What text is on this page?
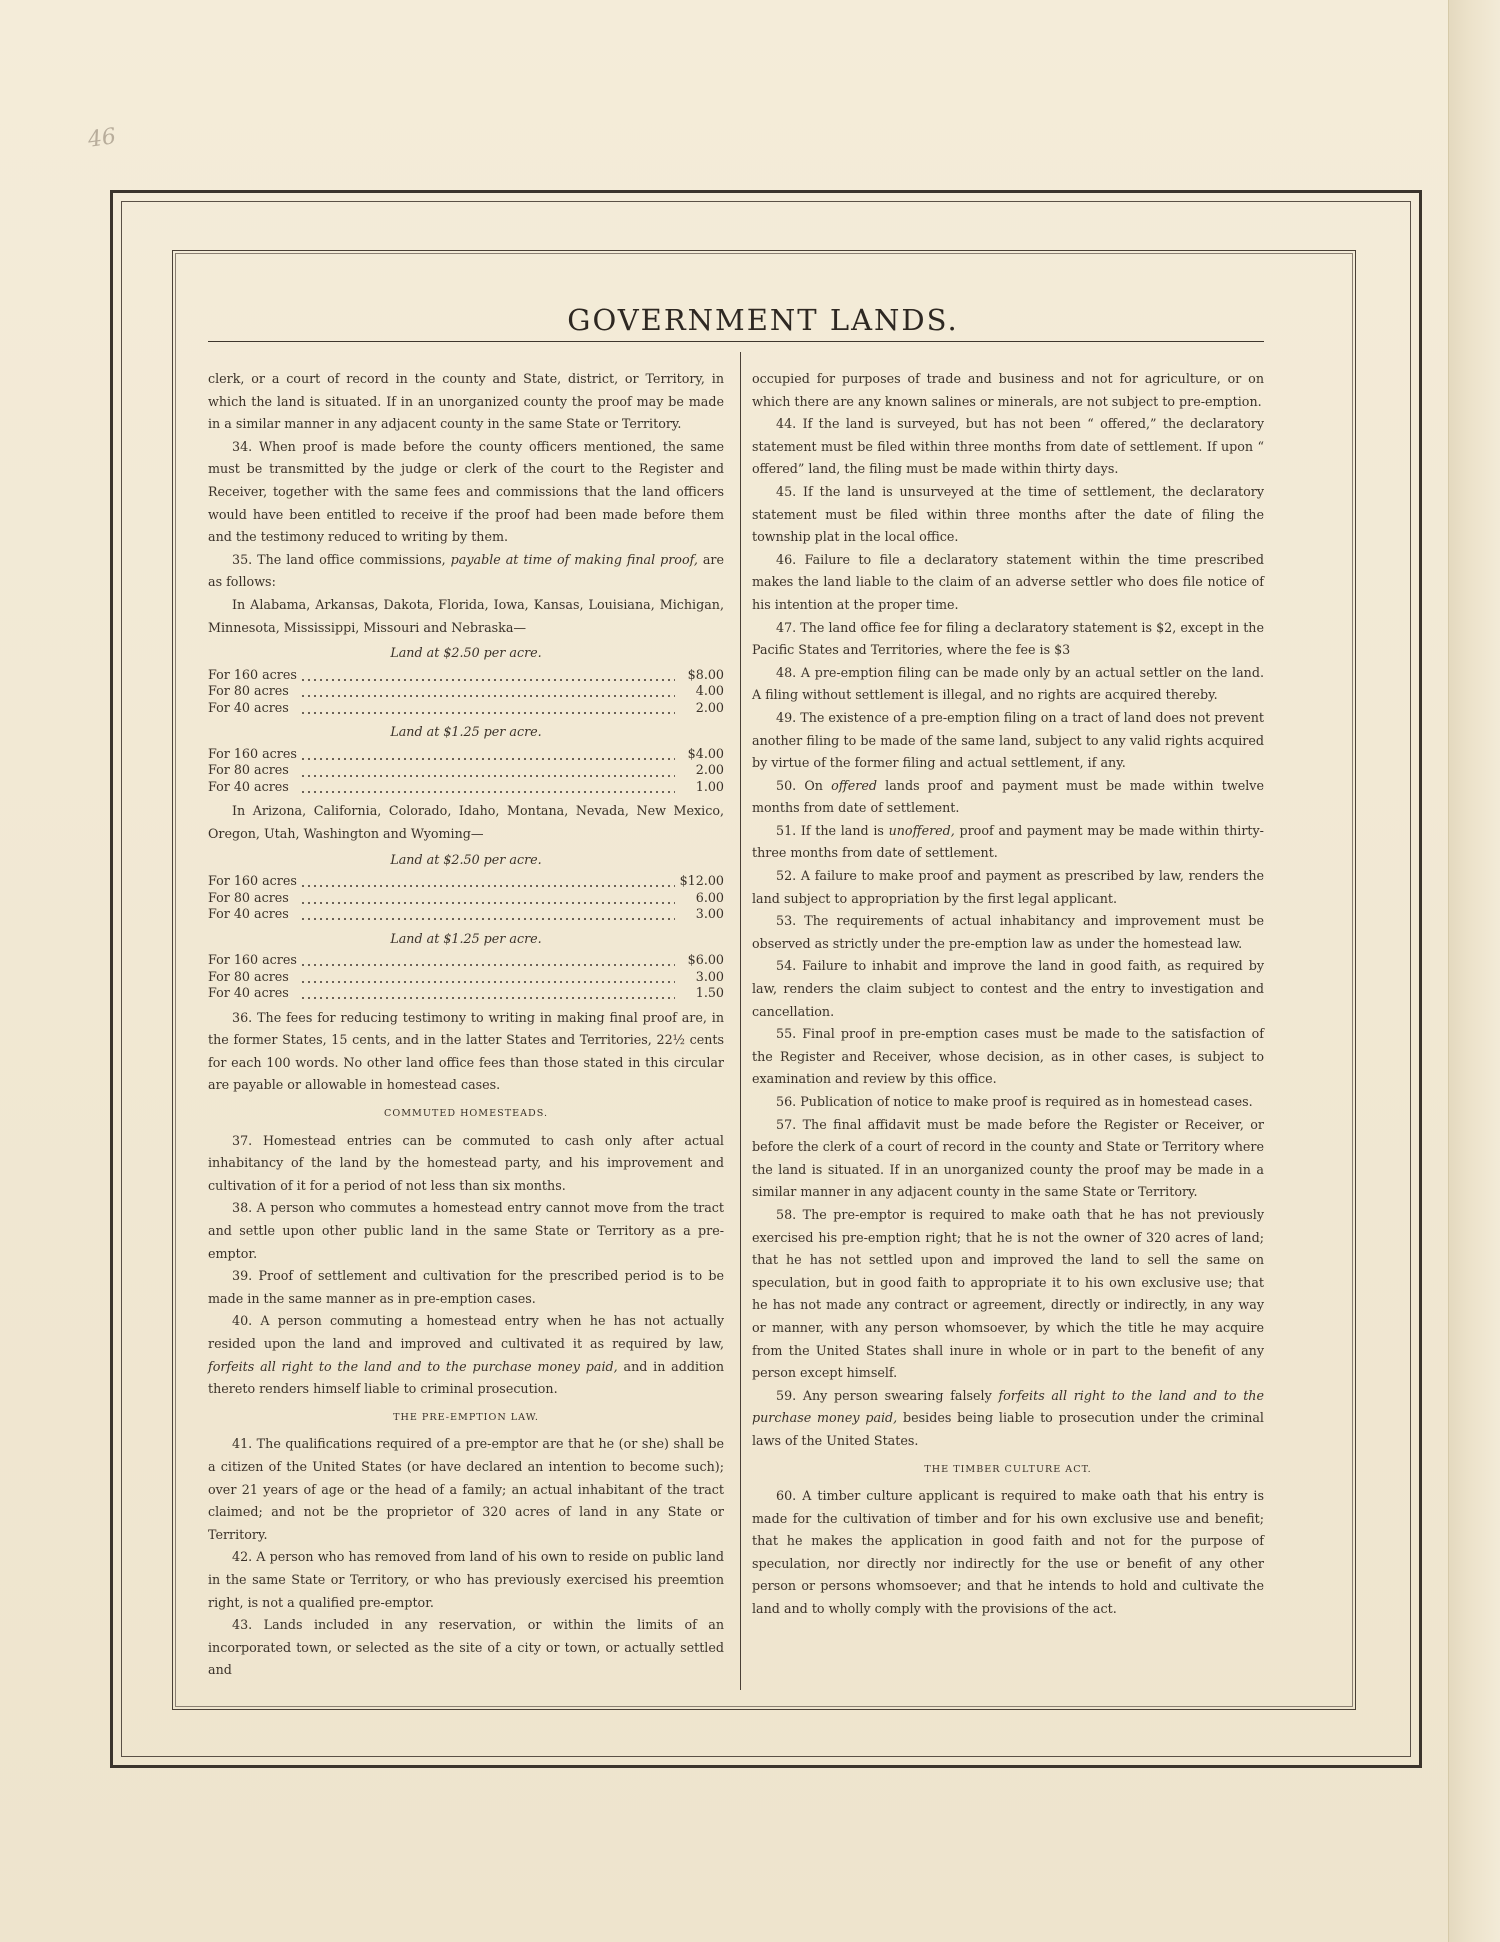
46
GOVERNMENT LANDS.

clerk, or a court of record in the county and State, district, or Territory, in which the land is situated. If in an unorganized county the proof may be made in a similar manner in any adjacent county in the same State or Territory.

34. When proof is made before the county officers mentioned, the same must be transmitted by the judge or clerk of the court to the Register and Receiver, together with the same fees and commissions that the land officers would have been entitled to receive if the proof had been made before them and the testimony reduced to writing by them.

35. The land office commissions, payable at time of making final proof, are as follows:

In Alabama, Arkansas, Dakota, Florida, Iowa, Kansas, Louisiana, Michigan, Minnesota, Mississippi, Missouri and Nebraska—

Land at $2.50 per acre.
For 160 acres		$8.00
For 80 acres		4.00
For 40 acres		2.00
Land at $1.25 per acre.
For 160 acres		$4.00
For 80 acres		2.00
For 40 acres		1.00

In Arizona, California, Colorado, Idaho, Montana, Nevada, New Mexico, Oregon, Utah, Washington and Wyoming—

Land at $2.50 per acre.
For 160 acres		$12.00
For 80 acres		6.00
For 40 acres		3.00
Land at $1.25 per acre.
For 160 acres		$6.00
For 80 acres		3.00
For 40 acres		1.50

36. The fees for reducing testimony to writing in making final proof are, in the former States, 15 cents, and in the latter States and Territories, 22½ cents for each 100 words. No other land office fees than those stated in this circular are payable or allowable in homestead cases.

COMMUTED HOMESTEADS.

37. Homestead entries can be commuted to cash only after actual inhabitancy of the land by the homestead party, and his improvement and cultivation of it for a period of not less than six months.

38. A person who commutes a homestead entry cannot move from the tract and settle upon other public land in the same State or Territory as a pre-emptor.

39. Proof of settlement and cultivation for the prescribed period is to be made in the same manner as in pre-emption cases.

40. A person commuting a homestead entry when he has not actually resided upon the land and improved and cultivated it as required by law, forfeits all right to the land and to the purchase money paid, and in addition thereto renders himself liable to criminal prosecution.

THE PRE-EMPTION LAW.

41. The qualifications required of a pre-emptor are that he (or she) shall be a citizen of the United States (or have declared an intention to become such); over 21 years of age or the head of a family; an actual inhabitant of the tract claimed; and not be the proprietor of 320 acres of land in any State or Territory.

42. A person who has removed from land of his own to reside on public land in the same State or Territory, or who has previously exercised his preemtion right, is not a qualified pre-emptor.

43. Lands included in any reservation, or within the limits of an incorporated town, or selected as the site of a city or town, or actually settled and

occupied for purposes of trade and business and not for agriculture, or on which there are any known salines or minerals, are not subject to pre-emption.

44. If the land is surveyed, but has not been “ offered,” the declaratory statement must be filed within three months from date of settlement. If upon “ offered” land, the filing must be made within thirty days.

45. If the land is unsurveyed at the time of settlement, the declaratory statement must be filed within three months after the date of filing the township plat in the local office.

46. Failure to file a declaratory statement within the time prescribed makes the land liable to the claim of an adverse settler who does file notice of his intention at the proper time.

47. The land office fee for filing a declaratory statement is $2, except in the Pacific States and Territories, where the fee is $3

48. A pre-emption filing can be made only by an actual settler on the land. A filing without settlement is illegal, and no rights are acquired thereby.

49. The existence of a pre-emption filing on a tract of land does not prevent another filing to be made of the same land, subject to any valid rights acquired by virtue of the former filing and actual settlement, if any.

50. On offered lands proof and payment must be made within twelve months from date of settlement.

51. If the land is unoffered, proof and payment may be made within thirty-three months from date of settlement.

52. A failure to make proof and payment as prescribed by law, renders the land subject to appropriation by the first legal applicant.

53. The requirements of actual inhabitancy and improvement must be observed as strictly under the pre-emption law as under the homestead law.

54. Failure to inhabit and improve the land in good faith, as required by law, renders the claim subject to contest and the entry to investigation and cancellation.

55. Final proof in pre-emption cases must be made to the satisfaction of the Register and Receiver, whose decision, as in other cases, is subject to examination and review by this office.

56. Publication of notice to make proof is required as in homestead cases.

57. The final affidavit must be made before the Register or Receiver, or before the clerk of a court of record in the county and State or Territory where the land is situated. If in an unorganized county the proof may be made in a similar manner in any adjacent county in the same State or Territory.

58. The pre-emptor is required to make oath that he has not previously exercised his pre-emption right; that he is not the owner of 320 acres of land; that he has not settled upon and improved the land to sell the same on speculation, but in good faith to appropriate it to his own exclusive use; that he has not made any contract or agreement, directly or indirectly, in any way or manner, with any person whomsoever, by which the title he may acquire from the United States shall inure in whole or in part to the benefit of any person except himself.

59. Any person swearing falsely forfeits all right to the land and to the purchase money paid, besides being liable to prosecution under the criminal laws of the United States.

THE TIMBER CULTURE ACT.

60. A timber culture applicant is required to make oath that his entry is made for the cultivation of timber and for his own exclusive use and benefit; that he makes the application in good faith and not for the purpose of speculation, nor directly nor indirectly for the use or benefit of any other person or persons whomsoever; and that he intends to hold and cultivate the land and to wholly comply with the provisions of the act.
